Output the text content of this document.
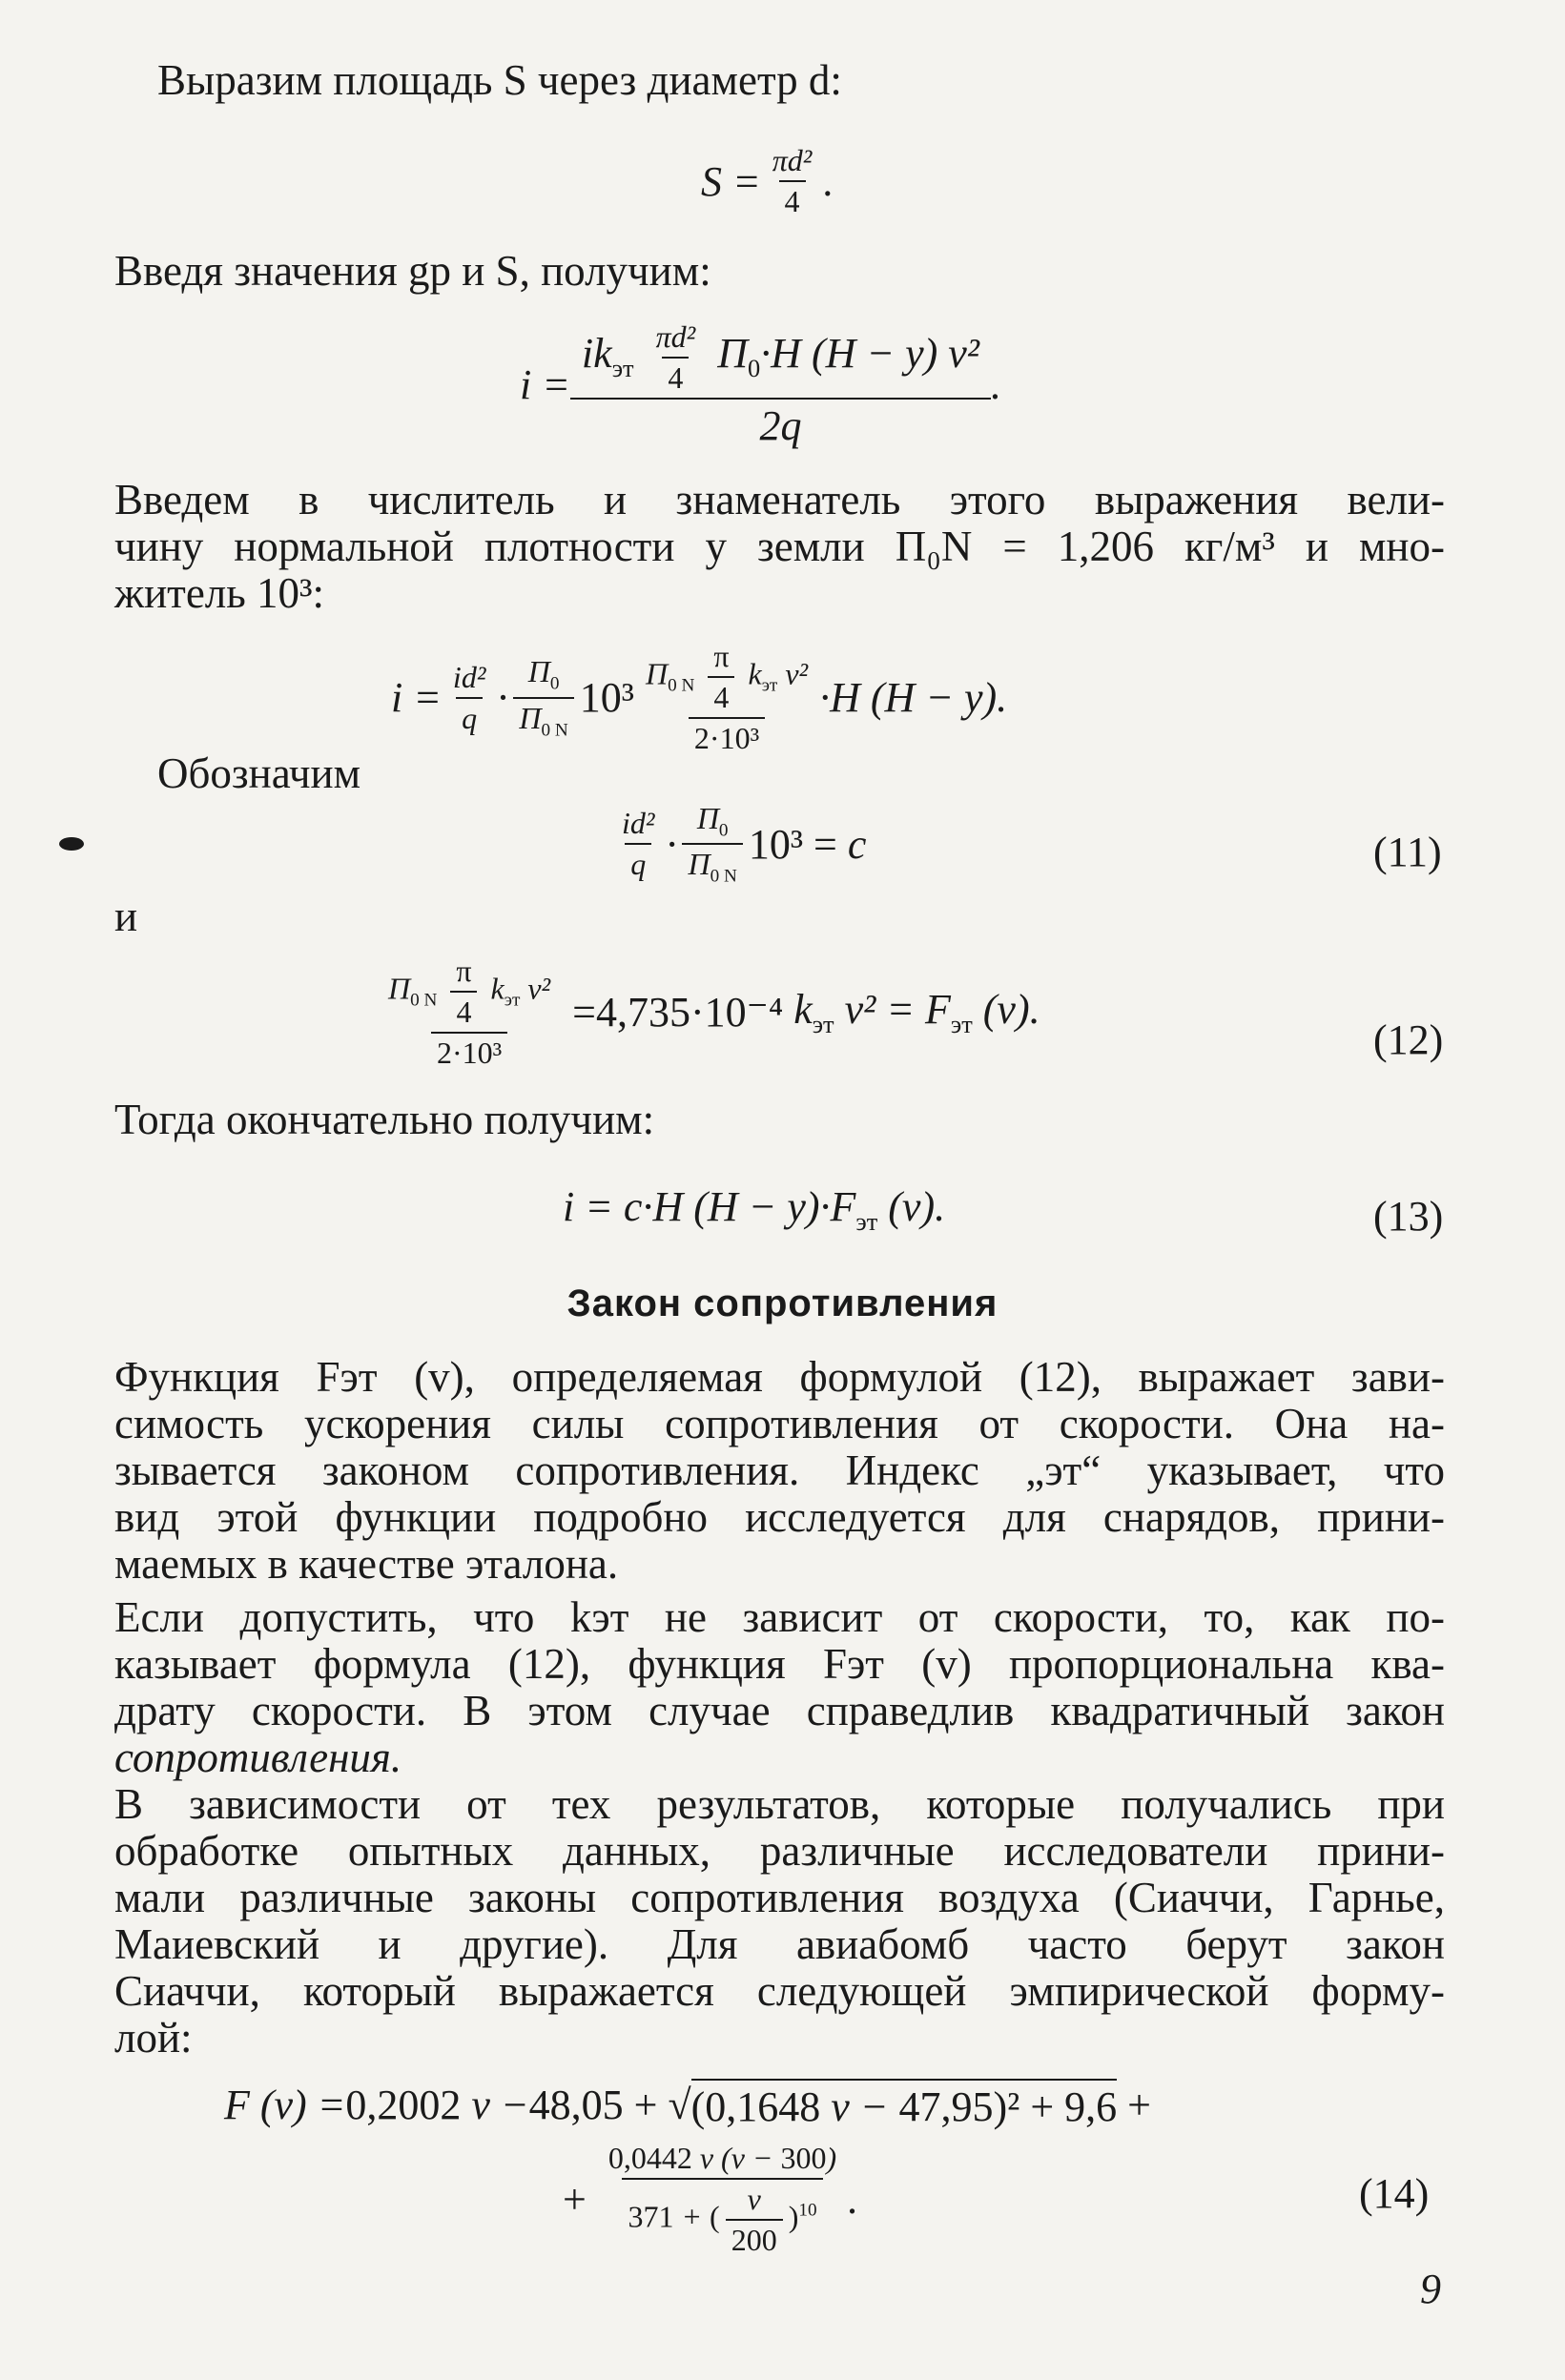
Выразим площадь S через диаметр d:
$S = \frac{\text{πd²}}{4}$ .
Введя значения gр и S, получим:
$i = \frac{ik_{эт} \frac{\text{πd²}}{4} П_0\cdot H (H - y) v^2}{2q}$ .
Введем в числитель и знаменатель этого выражения вели-
чину нормальной плотности у земли П₀N = 1,206 кг/м³ и мно-
житель 10³:
$i = \frac{\text{id²}}{q} \cdot \frac{П_0}{П_{0 N}} 10^3 \frac{П_{0 N} \frac{\pi}{4} k_{эт} v^2}{\text{2·10³}} \cdot H$ (H − y).
Обозначим
$\frac{\text{id²}}{q} \cdot \frac{П_0}{П_{0 N}} 10^3$ =
c	(11)
и
$\frac{П_{0 N} \frac{\pi}{4} k_{эт} v^2}{\text{2·10³}} = 4,735\cdot 10^{-4}$
$k_{эт}$ $v^2 = F_{эт}$ (v).
(12)
Тогда окончательно получим:
i = c·H $(H - y)\cdot F_{эт}$ (v).	(13)
Закон сопротивления
Функция Fэт (v), определяемая формулой (12), выражает зави-
симость ускорения силы сопротивления от скорости. Она на-
зывается законом сопротивления. Индекс „эт“ указывает, что
вид этой функции подробно исследуется для снарядов, прини-
маемых в качестве эталона.
Если допустить, что kэт не зависит от скорости, то, как по-
казывает формула (12), функция Fэт (v) пропорциональна ква-
драту скорости. В этом случае справедлив квадратичный закон
сопротивления.
В зависимости от тех результатов, которые получались при
обработке опытных данных, различные исследователи прини-
мали различные законы сопротивления воздуха (Сиаччи, Гарнье,
Маиевский и другие). Для авиабомб часто берут закон
Сиаччи, который выражается следующей эмпирической форму-
лой:
F (v) = 0,2002
v − 48,05 + √ (0,1648 v − 47,95)² + 9,6 +
+ $\frac{0,0442 v (v - 300)}{371 + ( \frac{v}{200} )^{10}}$ .	(14)
9
